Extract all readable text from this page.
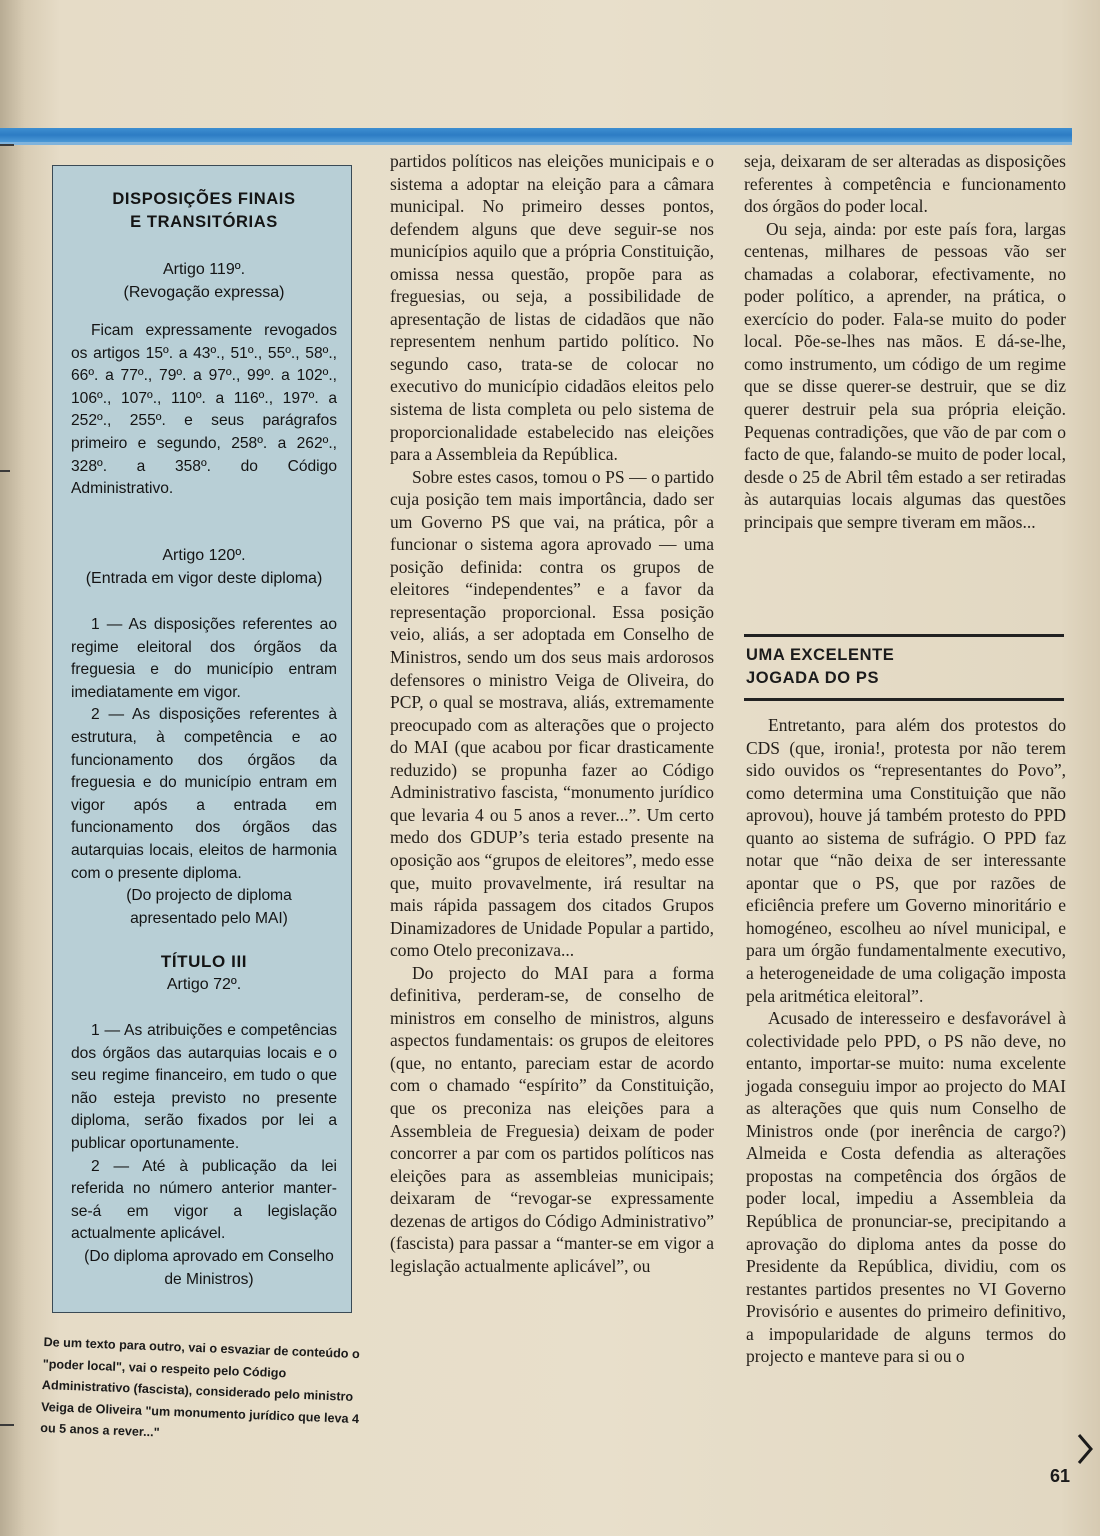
DISPOSIÇÕES FINAIS
E TRANSITÓRIAS
Artigo 119º.
(Revogação expressa)

Ficam expressamente revogados os artigos 15º. a 43º., 51º., 55º., 58º., 66º. a 77º., 79º. a 97º., 99º. a 102º., 106º., 107º., 110º. a 116º., 197º. a 252º., 255º. e seus parágrafos primeiro e segundo, 258º. a 262º., 328º. a 358º. do Código Administrativo.

Artigo 120º.
(Entrada em vigor deste diploma)

1 — As disposições referentes ao regime eleitoral dos órgãos da freguesia e do município entram imediatamente em vigor.

2 — As disposições referentes à estrutura, à competência e ao funcionamento dos órgãos da freguesia e do município entram em vigor após a entrada em funcionamento dos órgãos das autarquias locais, eleitos de harmonia com o presente diploma.

(Do projecto de diploma apresentado pelo MAI)

TÍTULO III
Artigo 72º.

1 — As atribuições e competências dos órgãos das autarquias locais e o seu regime financeiro, em tudo o que não esteja previsto no presente diploma, serão fixados por lei a publicar oportunamente.

2 — Até à publicação da lei referida no número anterior manter-se-á em vigor a legislação actualmente aplicável.

(Do diploma aprovado em Conselho de Ministros)

De um texto para outro, vai o esvaziar de conteúdo o "poder local", vai o respeito pelo Código Administrativo (fascista), considerado pelo ministro Veiga de Oliveira "um monumento jurídico que leva 4 ou 5 anos a rever..."

partidos políticos nas eleições municipais e o sistema a adoptar na eleição para a câmara municipal. No primeiro desses pontos, defendem alguns que deve seguir-se nos municípios aquilo que a própria Constituição, omissa nessa questão, propõe para as freguesias, ou seja, a possibilidade de apresentação de listas de cidadãos que não representem nenhum partido político. No segundo caso, trata-se de colocar no executivo do município cidadãos eleitos pelo sistema de lista completa ou pelo sistema de proporcionalidade estabelecido nas eleições para a Assembleia da República.

Sobre estes casos, tomou o PS — o partido cuja posição tem mais importância, dado ser um Governo PS que vai, na prática, pôr a funcionar o sistema agora aprovado — uma posição definida: contra os grupos de eleitores “independentes” e a favor da representação proporcional. Essa posição veio, aliás, a ser adoptada em Conselho de Ministros, sendo um dos seus mais ardorosos defensores o ministro Veiga de Oliveira, do PCP, o qual se mostrava, aliás, extremamente preocupado com as alterações que o projecto do MAI (que acabou por ficar drasticamente reduzido) se propunha fazer ao Código Administrativo fascista, “monumento jurídico que levaria 4 ou 5 anos a rever...”. Um certo medo dos GDUP’s teria estado presente na oposição aos “grupos de eleitores”, medo esse que, muito provavelmente, irá resultar na mais rápida passagem dos citados Grupos Dinamizadores de Unidade Popular a partido, como Otelo preconizava...

Do projecto do MAI para a forma definitiva, perderam-se, de conselho de ministros em conselho de ministros, alguns aspectos fundamentais: os grupos de eleitores (que, no entanto, pareciam estar de acordo com o chamado “espírito” da Constituição, que os preconiza nas eleições para a Assembleia de Freguesia) deixam de poder concorrer a par com os partidos políticos nas eleições para as assembleias municipais; deixaram de “revogar-se expressamente dezenas de artigos do Código Administrativo” (fascista) para passar a “manter-se em vigor a legislação actualmente aplicável”, ou

seja, deixaram de ser alteradas as disposições referentes à competência e funcionamento dos órgãos do poder local.

Ou seja, ainda: por este país fora, largas centenas, milhares de pessoas vão ser chamadas a colaborar, efectivamente, no poder político, a aprender, na prática, o exercício do poder. Fala-se muito do poder local. Põe-se-lhes nas mãos. E dá-se-lhe, como instrumento, um código de um regime que se disse querer-se destruir, que se diz querer destruir pela sua própria eleição. Pequenas contradições, que vão de par com o facto de que, falando-se muito de poder local, desde o 25 de Abril têm estado a ser retiradas às autarquias locais algumas das questões principais que sempre tiveram em mãos...

UMA EXCELENTE
JOGADA DO PS

Entretanto, para além dos protestos do CDS (que, ironia!, protesta por não terem sido ouvidos os “representantes do Povo”, como determina uma Constituição que não aprovou), houve já também protesto do PPD quanto ao sistema de sufrágio. O PPD faz notar que “não deixa de ser interessante apontar que o PS, que por razões de eficiência prefere um Governo minoritário e homogéneo, escolheu ao nível municipal, e para um órgão fundamentalmente executivo, a heterogeneidade de uma coligação imposta pela aritmética eleitoral”.

Acusado de interesseiro e desfavorável à colectividade pelo PPD, o PS não deve, no entanto, importar-se muito: numa excelente jogada conseguiu impor ao projecto do MAI as alterações que quis num Conselho de Ministros onde (por inerência de cargo?) Almeida e Costa defendia as alterações propostas na competência dos órgãos de poder local, impediu a Assembleia da República de pronunciar-se, precipitando a aprovação do diploma antes da posse do Presidente da República, dividiu, com os restantes partidos presentes no VI Governo Provisório e ausentes do primeiro definitivo, a impopularidade de alguns termos do projecto e manteve para si ou o

61
